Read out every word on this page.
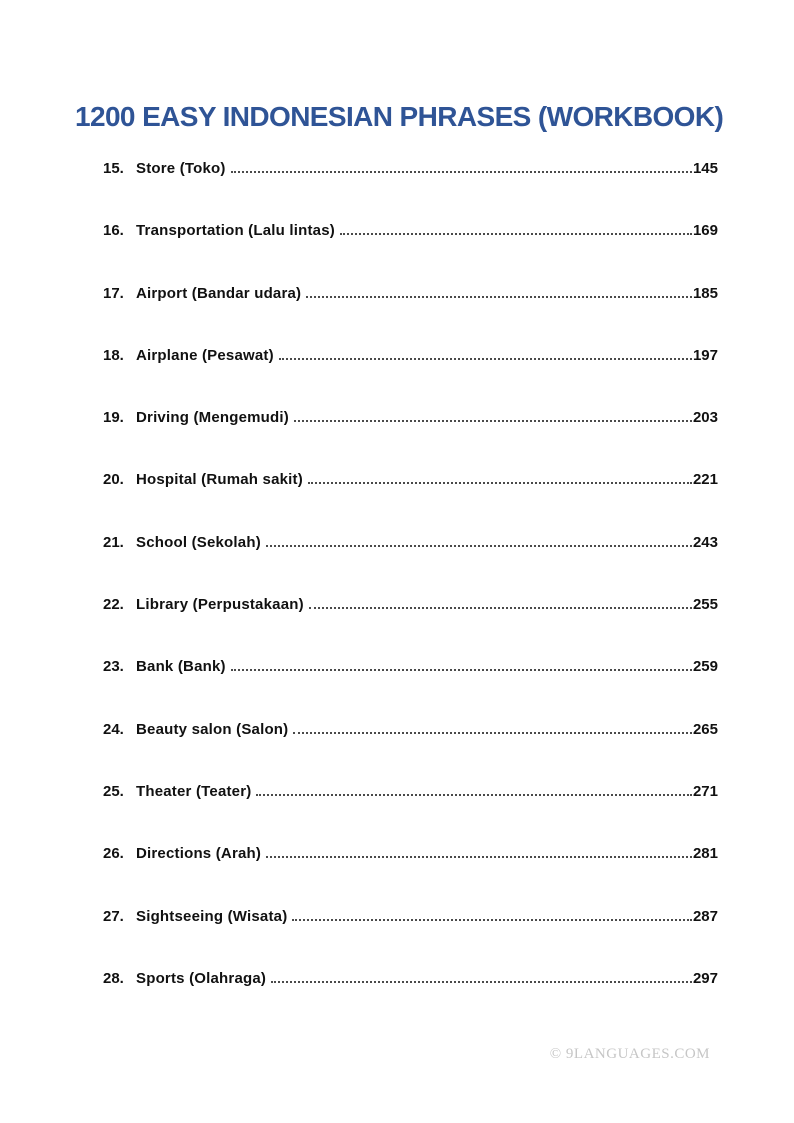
1200 EASY INDONESIAN PHRASES (WORKBOOK)
15. Store (Toko)	145
16. Transportation (Lalu lintas)	169
17. Airport (Bandar udara)	185
18. Airplane (Pesawat)	197
19. Driving (Mengemudi)	203
20. Hospital (Rumah sakit)	221
21. School (Sekolah)	243
22. Library (Perpustakaan)	255
23. Bank (Bank)	259
24. Beauty salon (Salon)	265
25. Theater (Teater)	271
26. Directions (Arah)	281
27. Sightseeing (Wisata)	287
28. Sports (Olahraga)	297
© 9LANGUAGES.COM
